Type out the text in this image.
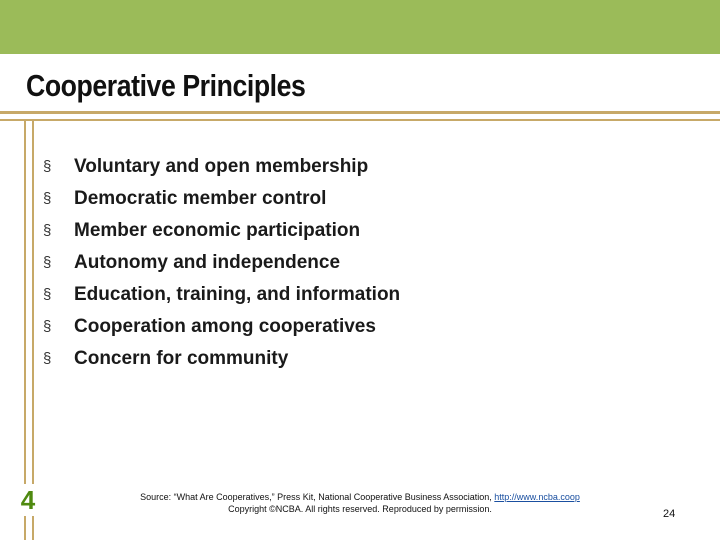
Cooperative Principles
§ Voluntary and open membership
§ Democratic member control
§ Member economic participation
§ Autonomy and independence
§ Education, training, and information
§ Cooperation among cooperatives
§ Concern for community
4	Source: “What Are Cooperatives,” Press Kit, National Cooperative Business Association, http://www.ncba.coop
Copyright ©NCBA. All rights reserved. Reproduced by permission.	24
